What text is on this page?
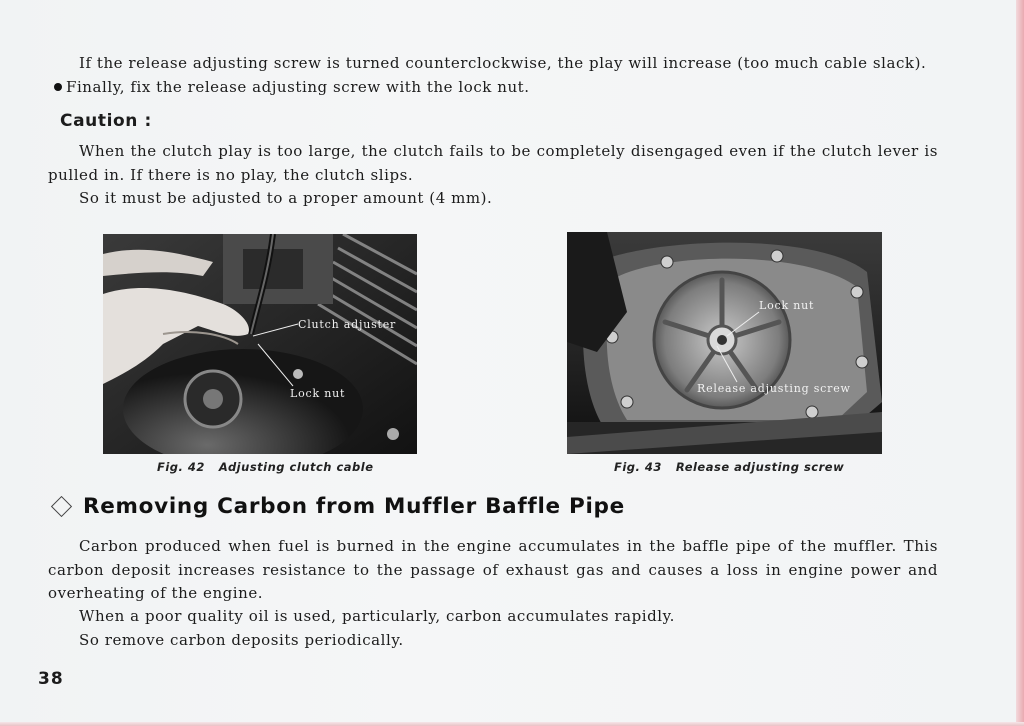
If the release adjusting screw is turned counterclockwise, the play will increase (too much cable slack).

Finally, fix the release adjusting screw with the lock nut.

Caution :

When the clutch play is too large, the clutch fails to be completely disengaged even if the clutch lever is pulled in. If there is no play, the clutch slips.

So it must be adjusted to a proper amount (4 mm).

Clutch adjuster
Lock nut
Fig. 42 Adjusting clutch cable
Lock nut
Release adjusting screw
Fig. 43 Release adjusting screw
Removing Carbon from Muffler Baffle Pipe

Carbon produced when fuel is burned in the engine accumulates in the baffle pipe of the muffler. This carbon deposit increases resistance to the passage of exhaust gas and causes a loss in engine power and overheating of the engine.

When a poor quality oil is used, particularly, carbon accumulates rapidly.

So remove carbon deposits periodically.

38
